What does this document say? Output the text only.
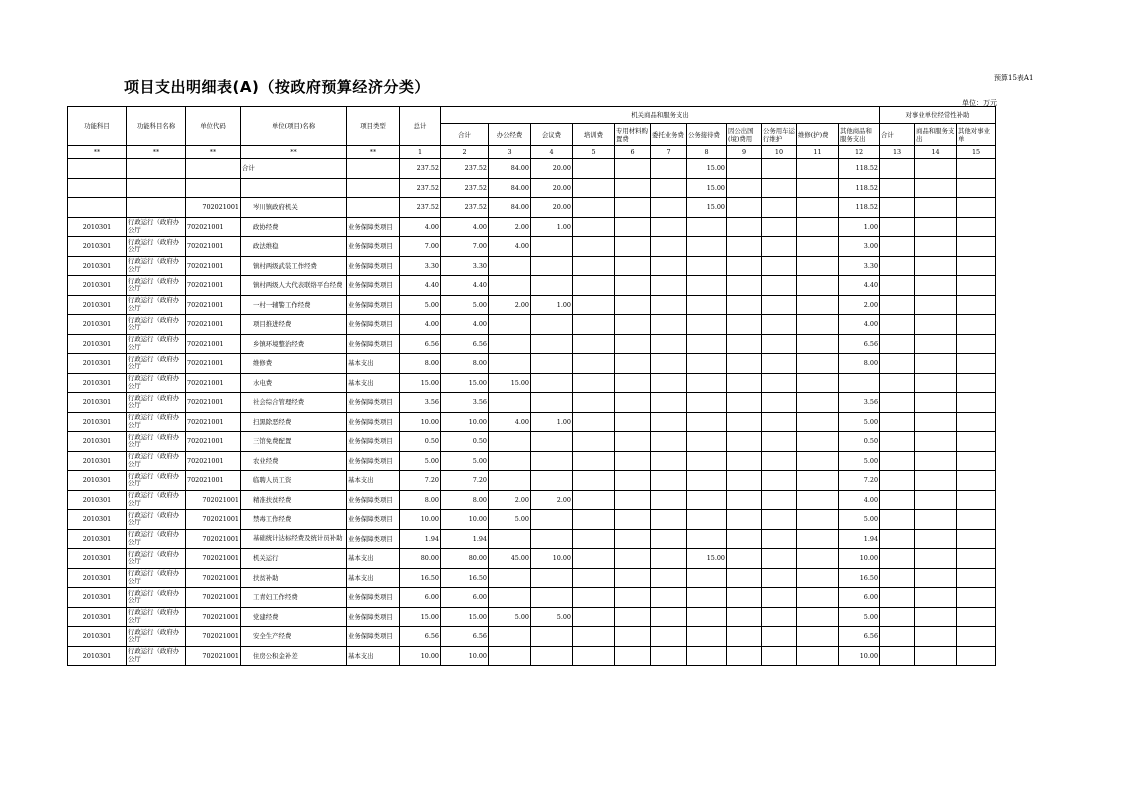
项目支出明细表(A)（按政府预算经济分类）	预算15表A1
单位：万元
功能科目	功能科目名称	单位代码	单位(项目)名称	项目类型	总计	机关商品和服务支出											对事业单位经常性补助		
						合计	办公经费	会议费	培训费	专用材料购置费	委托业务费	公务接待费	因公出国(境)费用	公务用车运行维护	维修(护)费	其他商品和服务支出	合计	商品和服务支出	其他对事业单
**	**	**	**	**	1	2	3	4	5	6	7	8	9	10	11	12	13	14	15
			合计		237.52	237.52	84.00	20.00				15.00				118.52			
					237.52	237.52	84.00	20.00				15.00				118.52			
		702021001	岑川镇政府机关		237.52	237.52	84.00	20.00				15.00				118.52			
2010301	行政运行（政府办公厅	702021001	政协经费	业务保障类项目	4.00	4.00	2.00	1.00								1.00			
2010301	行政运行（政府办公厅	702021001	政法维稳	业务保障类项目	7.00	7.00	4.00									3.00			
2010301	行政运行（政府办公厅	702021001	镇村两级武装工作经费	业务保障类项目	3.30	3.30										3.30			
2010301	行政运行（政府办公厅	702021001	镇村两级人大代表联络平台经费	业务保障类项目	4.40	4.40										4.40			
2010301	行政运行（政府办公厅	702021001	一村一辅警工作经费	业务保障类项目	5.00	5.00	2.00	1.00								2.00			
2010301	行政运行（政府办公厅	702021001	项目推进经费	业务保障类项目	4.00	4.00										4.00			
2010301	行政运行（政府办公厅	702021001	乡镇环境整治经费	业务保障类项目	6.56	6.56										6.56			
2010301	行政运行（政府办公厅	702021001	维修费	基本支出	8.00	8.00										8.00			
2010301	行政运行（政府办公厅	702021001	水电费	基本支出	15.00	15.00	15.00												
2010301	行政运行（政府办公厅	702021001	社会综合管理经费	业务保障类项目	3.56	3.56										3.56			
2010301	行政运行（政府办公厅	702021001	扫黑除恶经费	业务保障类项目	10.00	10.00	4.00	1.00								5.00			
2010301	行政运行（政府办公厅	702021001	三馆免费配置	业务保障类项目	0.50	0.50										0.50			
2010301	行政运行（政府办公厅	702021001	农业经费	业务保障类项目	5.00	5.00										5.00			
2010301	行政运行（政府办公厅	702021001	临聘人员工资	基本支出	7.20	7.20										7.20			
2010301	行政运行（政府办公厅	702021001	精准扶贫经费	业务保障类项目	8.00	8.00	2.00	2.00								4.00			
2010301	行政运行（政府办公厅	702021001	禁毒工作经费	业务保障类项目	10.00	10.00	5.00									5.00			
2010301	行政运行（政府办公厅	702021001	基础统计达标经费及统计员补助	业务保障类项目	1.94	1.94										1.94			
2010301	行政运行（政府办公厅	702021001	机关运行	基本支出	80.00	80.00	45.00	10.00				15.00				10.00			
2010301	行政运行（政府办公厅	702021001	扶贫补助	基本支出	16.50	16.50										16.50			
2010301	行政运行（政府办公厅	702021001	工青妇工作经费	业务保障类项目	6.00	6.00										6.00			
2010301	行政运行（政府办公厅	702021001	党建经费	业务保障类项目	15.00	15.00	5.00	5.00								5.00			
2010301	行政运行（政府办公厅	702021001	安全生产经费	业务保障类项目	6.56	6.56										6.56			
2010301	行政运行（政府办公厅	702021001	住房公积金补差	基本支出	10.00	10.00										10.00			
